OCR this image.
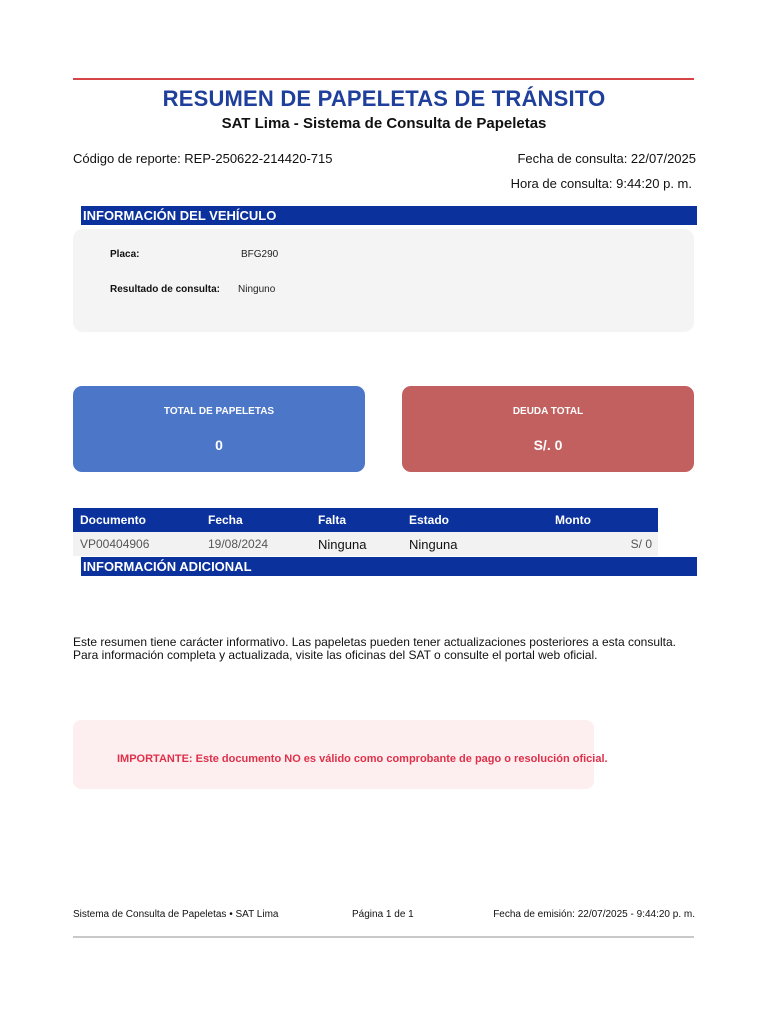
RESUMEN DE PAPELETAS DE TRÁNSITO
SAT Lima - Sistema de Consulta de Papeletas
Código de reporte: REP-250622-214420-715	Fecha de consulta: 22/07/2025
Hora de consulta: 9:44:20 p. m.
INFORMACIÓN DEL VEHÍCULO
Placa:	BFG290
Resultado de consulta: Ninguno
TOTAL DE PAPELETAS
0
DEUDA TOTAL
S/. 0
Documento	Fecha	Falta	Estado	Monto
VP00404906	19/08/2024	Ninguna	Ninguna	S/ 0
INFORMACIÓN ADICIONAL
Este resumen tiene carácter informativo. Las papeletas pueden tener actualizaciones posteriores a esta consulta. Para información completa y actualizada, visite las oficinas del SAT o consulte el portal web oficial.
IMPORTANTE: Este documento NO es válido como comprobante de pago o resolución oficial.
Sistema de Consulta de Papeletas • SAT Lima	Página 1 de 1	Fecha de emisión: 22/07/2025 - 9:44:20 p. m.
